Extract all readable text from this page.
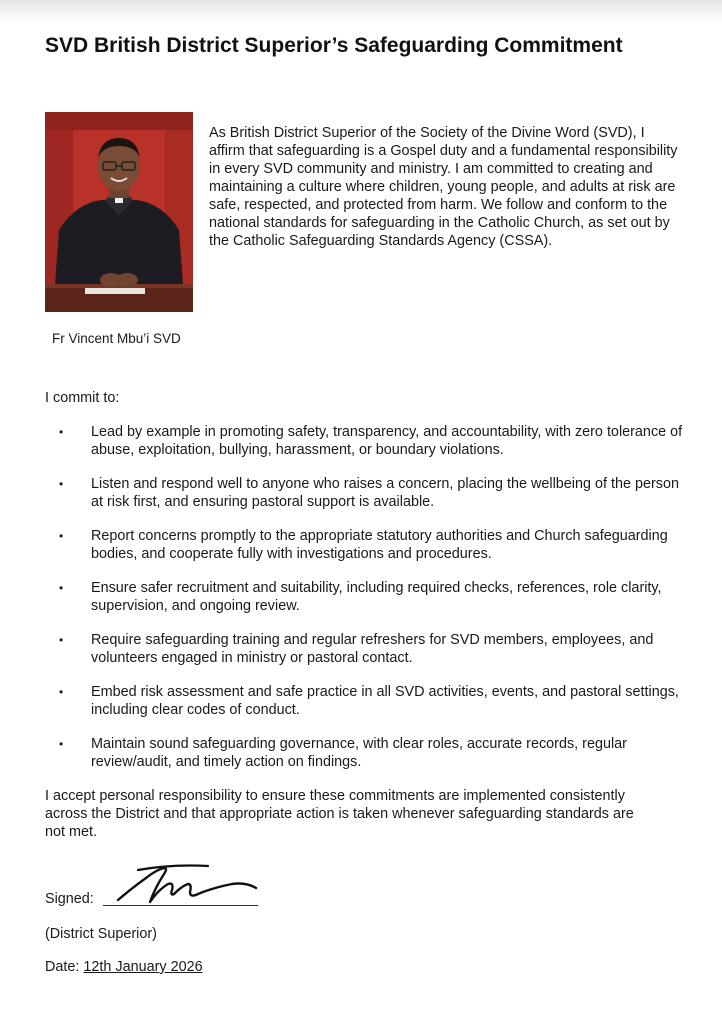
SVD British District Superior’s Safeguarding Commitment

As British District Superior of the Society of the Divine Word (SVD), I affirm that safeguarding is a Gospel duty and a fundamental responsibility in every SVD community and ministry. I am committed to creating and maintaining a culture where children, young people, and adults at risk are safe, respected, and protected from harm. We follow and conform to the national standards for safeguarding in the Catholic Church, as set out by the Catholic Safeguarding Standards Agency (CSSA).

Fr Vincent Mbu’i SVD

I commit to:

• Lead by example in promoting safety, transparency, and accountability, with zero tolerance of abuse, exploitation, bullying, harassment, or boundary violations.
• Listen and respond well to anyone who raises a concern, placing the wellbeing of the person at risk first, and ensuring pastoral support is available.
• Report concerns promptly to the appropriate statutory authorities and Church safeguarding bodies, and cooperate fully with investigations and procedures.
• Ensure safer recruitment and suitability, including required checks, references, role clarity, supervision, and ongoing review.
• Require safeguarding training and regular refreshers for SVD members, employees, and volunteers engaged in ministry or pastoral contact.
• Embed risk assessment and safe practice in all SVD activities, events, and pastoral settings, including clear codes of conduct.
• Maintain sound safeguarding governance, with clear roles, accurate records, regular review/audit, and timely action on findings.

I accept personal responsibility to ensure these commitments are implemented consistently across the District and that appropriate action is taken whenever safeguarding standards are not met.

Signed:

(District Superior)

Date: 12th January 2026
